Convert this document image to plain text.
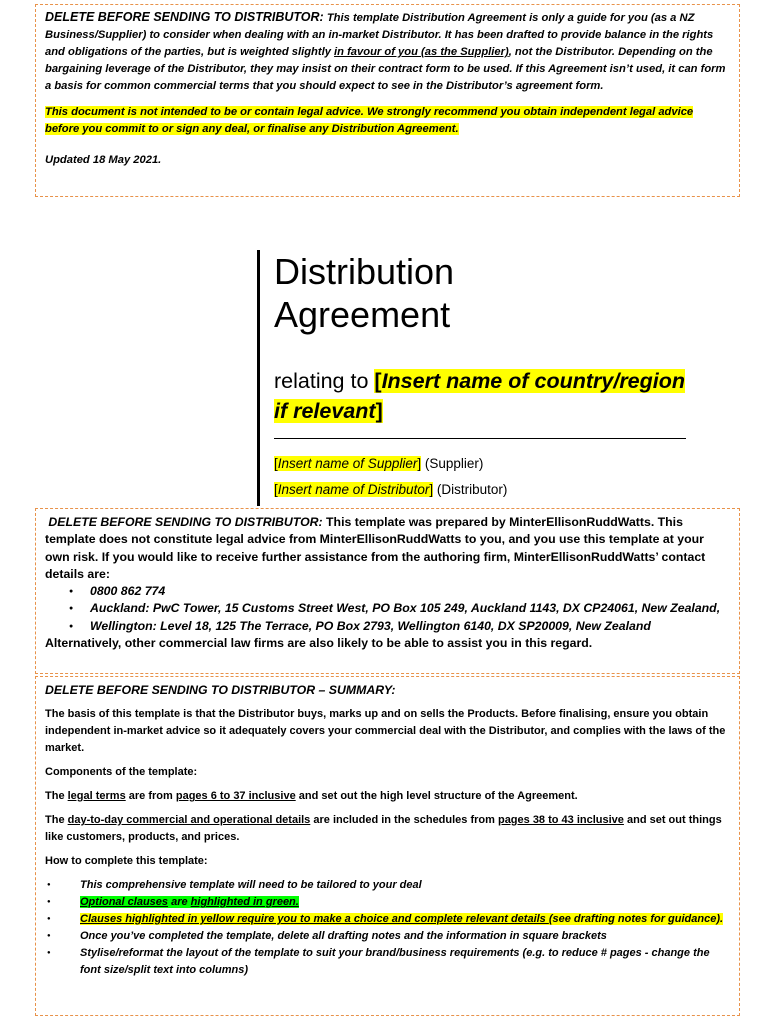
DELETE BEFORE SENDING TO DISTRIBUTOR: This template Distribution Agreement is only a guide for you (as a NZ Business/Supplier) to consider when dealing with an in-market Distributor. It has been drafted to provide balance in the rights and obligations of the parties, but is weighted slightly in favour of you (as the Supplier), not the Distributor. Depending on the bargaining leverage of the Distributor, they may insist on their contract form to be used. If this Agreement isn’t used, it can form a basis for common commercial terms that you should expect to see in the Distributor’s agreement form.

This document is not intended to be or contain legal advice. We strongly recommend you obtain independent legal advice before you commit to or sign any deal, or finalise any Distribution Agreement.

Updated 18 May 2021.

Distribution
Agreement
relating to [Insert name of country/region if relevant]
[Insert name of Supplier] (Supplier)
[Insert name of Distributor] (Distributor)

DELETE BEFORE SENDING TO DISTRIBUTOR: This template was prepared by MinterEllisonRuddWatts. This template does not constitute legal advice from MinterEllisonRuddWatts to you, and you use this template at your own risk. If you would like to receive further assistance from the authoring firm, MinterEllisonRuddWatts’ contact details are:

● 0800 862 774
● Auckland: PwC Tower, 15 Customs Street West, PO Box 105 249, Auckland 1143, DX CP24061, New Zealand,
● Wellington: Level 18, 125 The Terrace, PO Box 2793, Wellington 6140, DX SP20009, New Zealand

Alternatively, other commercial law firms are also likely to be able to assist you in this regard.

DELETE BEFORE SENDING TO DISTRIBUTOR – SUMMARY:

The basis of this template is that the Distributor buys, marks up and on sells the Products. Before finalising, ensure you obtain independent in-market advice so it adequately covers your commercial deal with the Distributor, and complies with the laws of the market.

Components of the template:

The legal terms are from pages 6 to 37 inclusive and set out the high level structure of the Agreement.

The day-to-day commercial and operational details are included in the schedules from pages 38 to 43 inclusive and set out things like customers, products, and prices.

How to complete this template:

● This comprehensive template will need to be tailored to your deal
● Optional clauses are highlighted in green.
● Clauses highlighted in yellow require you to make a choice and complete relevant details (see drafting notes for guidance).
● Once you’ve completed the template, delete all drafting notes and the information in square brackets
● Stylise/reformat the layout of the template to suit your brand/business requirements (e.g. to reduce # pages - change the font size/split text into columns)
